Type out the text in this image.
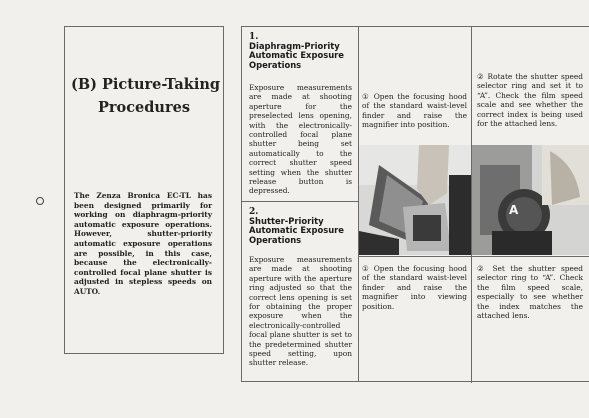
(B) Picture-Taking
Procedures
The Zenza Bronica EC-TL has been designed primarily for working on diaphragm-priority automatic exposure operations. However, shutter-priority automatic exposure operations are possible, in this case, because the electronically-controlled focal plane shutter is adjusted in stepless speeds on AUTO.
1.
Diaphragm-Priority Automatic Exposure Operations
Exposure measurements are made at shooting aperture for the preselected lens opening, with the electronically-controlled focal plane shutter being set automatically to the correct shutter speed setting when the shutter release button is depressed.
2.
Shutter-Priority Automatic Exposure Operations
Exposure measurements are made at shooting aperture with the aperture ring adjusted so that the correct lens opening is set for obtaining the proper exposure when the electronically-controlled focal plane shutter is set to the predetermined shutter speed setting, upon shutter release.
① Open the focusing hood of the standard waist-level finder and raise the magnifier into position.
② Rotate the shutter speed selector ring and set it to “A”. Check the film speed scale and see whether the correct index is being used for the attached lens.
A
① Open the focusing hood of the standard waist-level finder and raise the magnifier into viewing position.
② Set the shutter speed selector ring to “A”. Check the film speed scale, especially to see whether the index matches the attached lens.
